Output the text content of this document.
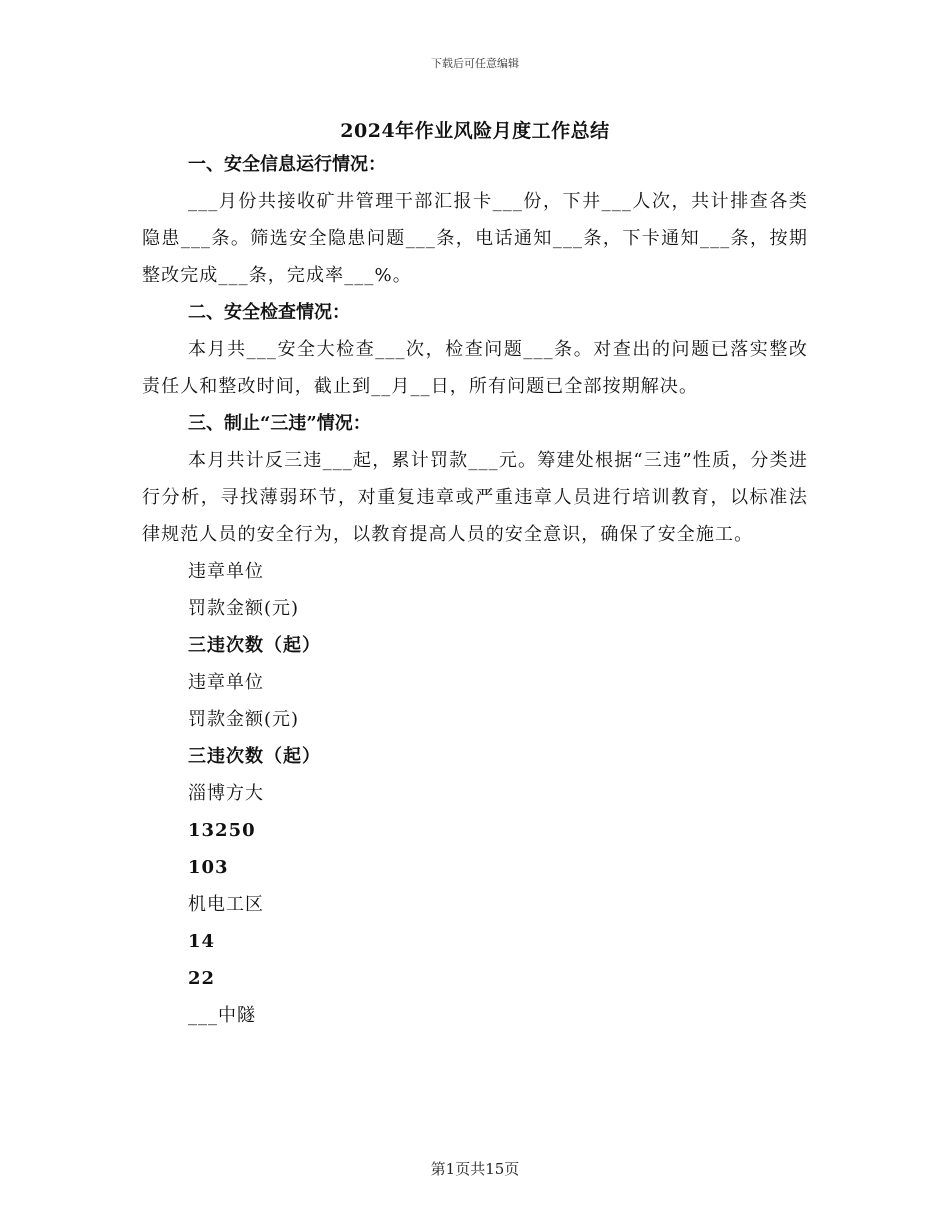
下载后可任意编辑
2024年作业风险月度工作总结

一、安全信息运行情况：

___月份共接收矿井管理干部汇报卡___份，下井___人次，共计排查各类隐患___条。筛选安全隐患问题___条，电话通知___条，下卡通知___条，按期整改完成___条，完成率___%。

二、安全检查情况：

本月共___安全大检查___次，检查问题___条。对查出的问题已落实整改责任人和整改时间，截止到__月__日，所有问题已全部按期解决。

三、制止“三违”情况：

本月共计反三违___起，累计罚款___元。筹建处根据“三违”性质，分类进行分析，寻找薄弱环节，对重复违章或严重违章人员进行培训教育，以标准法律规范人员的安全行为，以教育提高人员的安全意识，确保了安全施工。

违章单位

罚款金额(元)

三违次数（起）

违章单位

罚款金额(元)

三违次数（起）

淄博方大

13250

103

机电工区

14

22

___中隧

第1页共15页
